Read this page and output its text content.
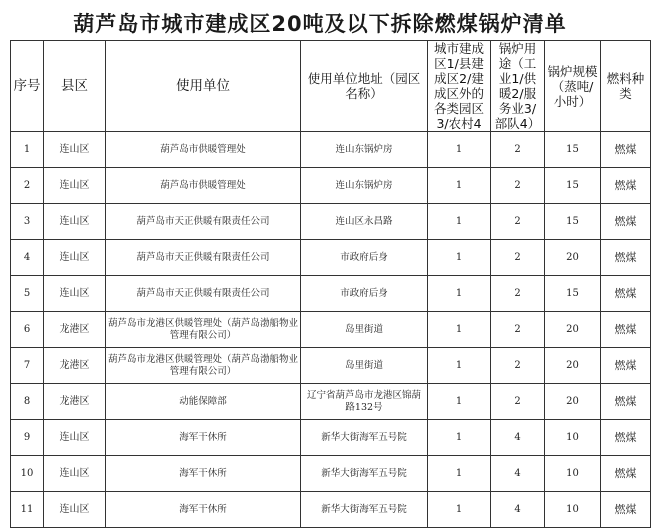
葫芦岛市城市建成区20吨及以下拆除燃煤锅炉清单
序号	县区	使用单位	使用单位地址（园区名称）	城市建成区1/县建成区2/建成区外的各类园区3/农村4	锅炉用途（工业1/供暖2/服务业3/部队4）	锅炉规模（蒸吨/小时）	燃料种类
1	连山区	葫芦岛市供暖管理处	连山东锅炉房	1	2	15	燃煤
2	连山区	葫芦岛市供暖管理处	连山东锅炉房	1	2	15	燃煤
3	连山区	葫芦岛市天正供暖有限责任公司	连山区永昌路	1	2	15	燃煤
4	连山区	葫芦岛市天正供暖有限责任公司	市政府后身	1	2	20	燃煤
5	连山区	葫芦岛市天正供暖有限责任公司	市政府后身	1	2	15	燃煤
6	龙港区	葫芦岛市龙港区供暖管理处（葫芦岛渤船物业管理有限公司）	岛里街道	1	2	20	燃煤
7	龙港区	葫芦岛市龙港区供暖管理处（葫芦岛渤船物业管理有限公司）	岛里街道	1	2	20	燃煤
8	龙港区	动能保障部	辽宁省葫芦岛市龙港区锦葫路132号	1	2	20	燃煤
9	连山区	海军干休所	新华大街海军五号院	1	4	10	燃煤
10	连山区	海军干休所	新华大街海军五号院	1	4	10	燃煤
11	连山区	海军干休所	新华大街海军五号院	1	4	10	燃煤
